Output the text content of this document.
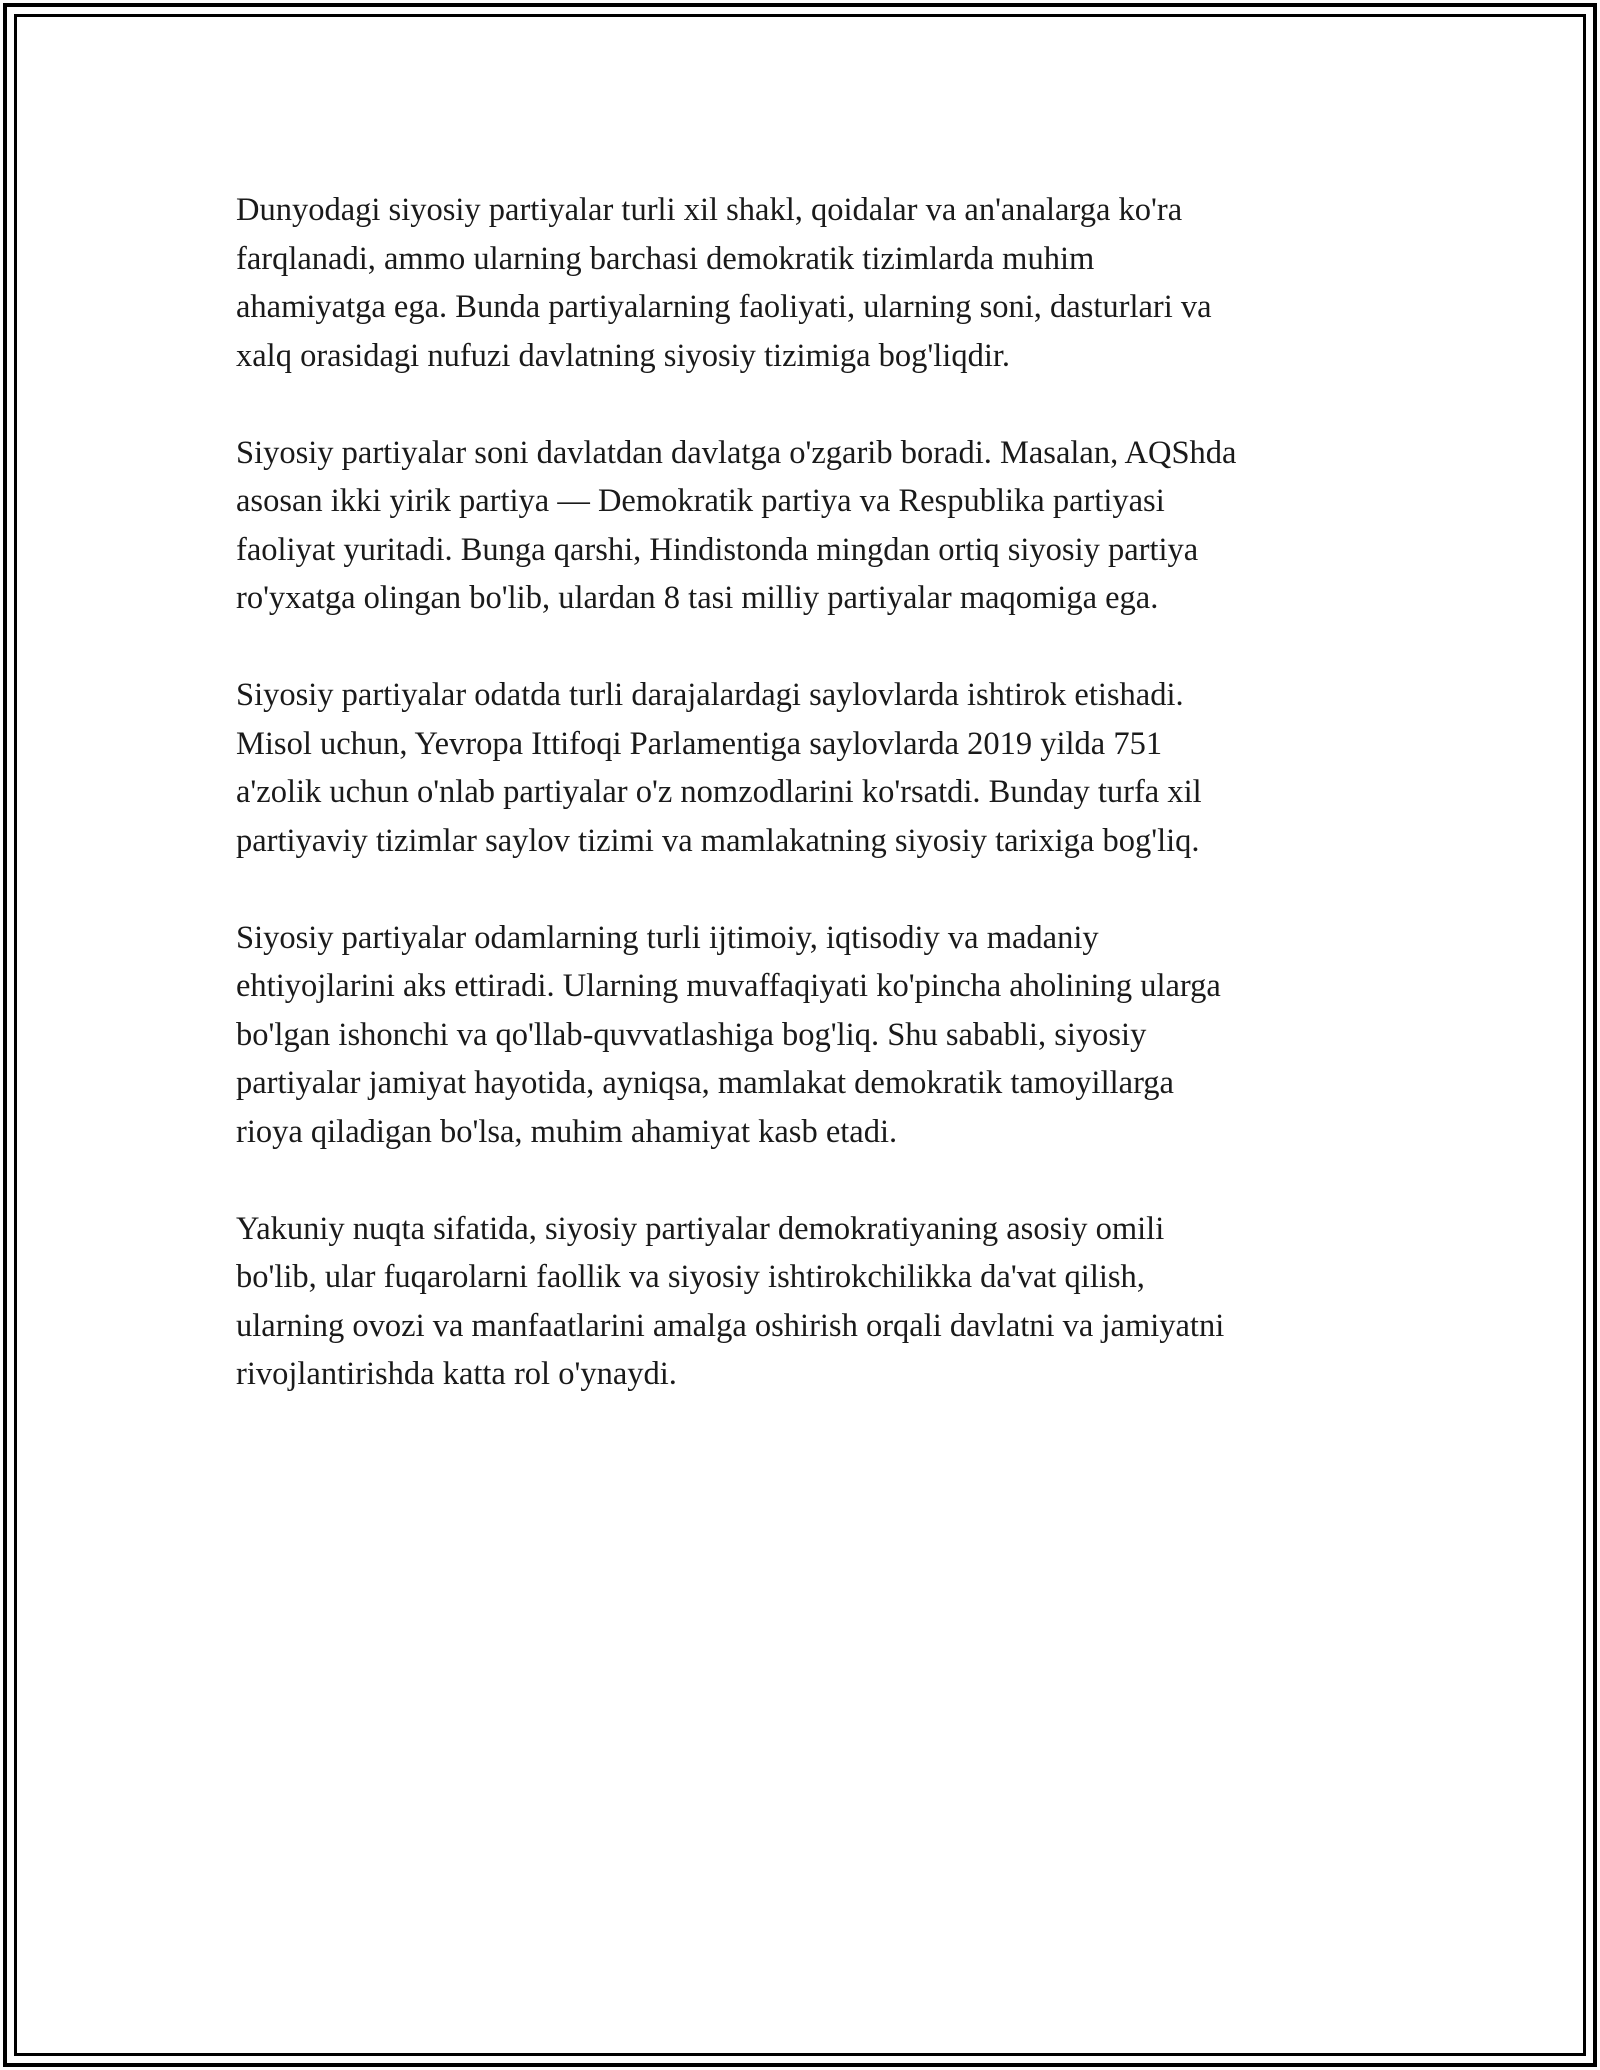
Dunyodagi siyosiy partiyalar turli xil shakl, qoidalar va an'analarga ko'ra
farqlanadi, ammo ularning barchasi demokratik tizimlarda muhim
ahamiyatga ega. Bunda partiyalarning faoliyati, ularning soni, dasturlari va
xalq orasidagi nufuzi davlatning siyosiy tizimiga bog'liqdir.

Siyosiy partiyalar soni davlatdan davlatga o'zgarib boradi. Masalan, AQShda
asosan ikki yirik partiya — Demokratik partiya va Respublika partiyasi
faoliyat yuritadi. Bunga qarshi, Hindistonda mingdan ortiq siyosiy partiya
ro'yxatga olingan bo'lib, ulardan 8 tasi milliy partiyalar maqomiga ega.

Siyosiy partiyalar odatda turli darajalardagi saylovlarda ishtirok etishadi.
Misol uchun, Yevropa Ittifoqi Parlamentiga saylovlarda 2019 yilda 751
a'zolik uchun o'nlab partiyalar o'z nomzodlarini ko'rsatdi. Bunday turfa xil
partiyaviy tizimlar saylov tizimi va mamlakatning siyosiy tarixiga bog'liq.

Siyosiy partiyalar odamlarning turli ijtimoiy, iqtisodiy va madaniy
ehtiyojlarini aks ettiradi. Ularning muvaffaqiyati ko'pincha aholining ularga
bo'lgan ishonchi va qo'llab-quvvatlashiga bog'liq. Shu sababli, siyosiy
partiyalar jamiyat hayotida, ayniqsa, mamlakat demokratik tamoyillarga
rioya qiladigan bo'lsa, muhim ahamiyat kasb etadi.

Yakuniy nuqta sifatida, siyosiy partiyalar demokratiyaning asosiy omili
bo'lib, ular fuqarolarni faollik va siyosiy ishtirokchilikka da'vat qilish,
ularning ovozi va manfaatlarini amalga oshirish orqali davlatni va jamiyatni
rivojlantirishda katta rol o'ynaydi.
